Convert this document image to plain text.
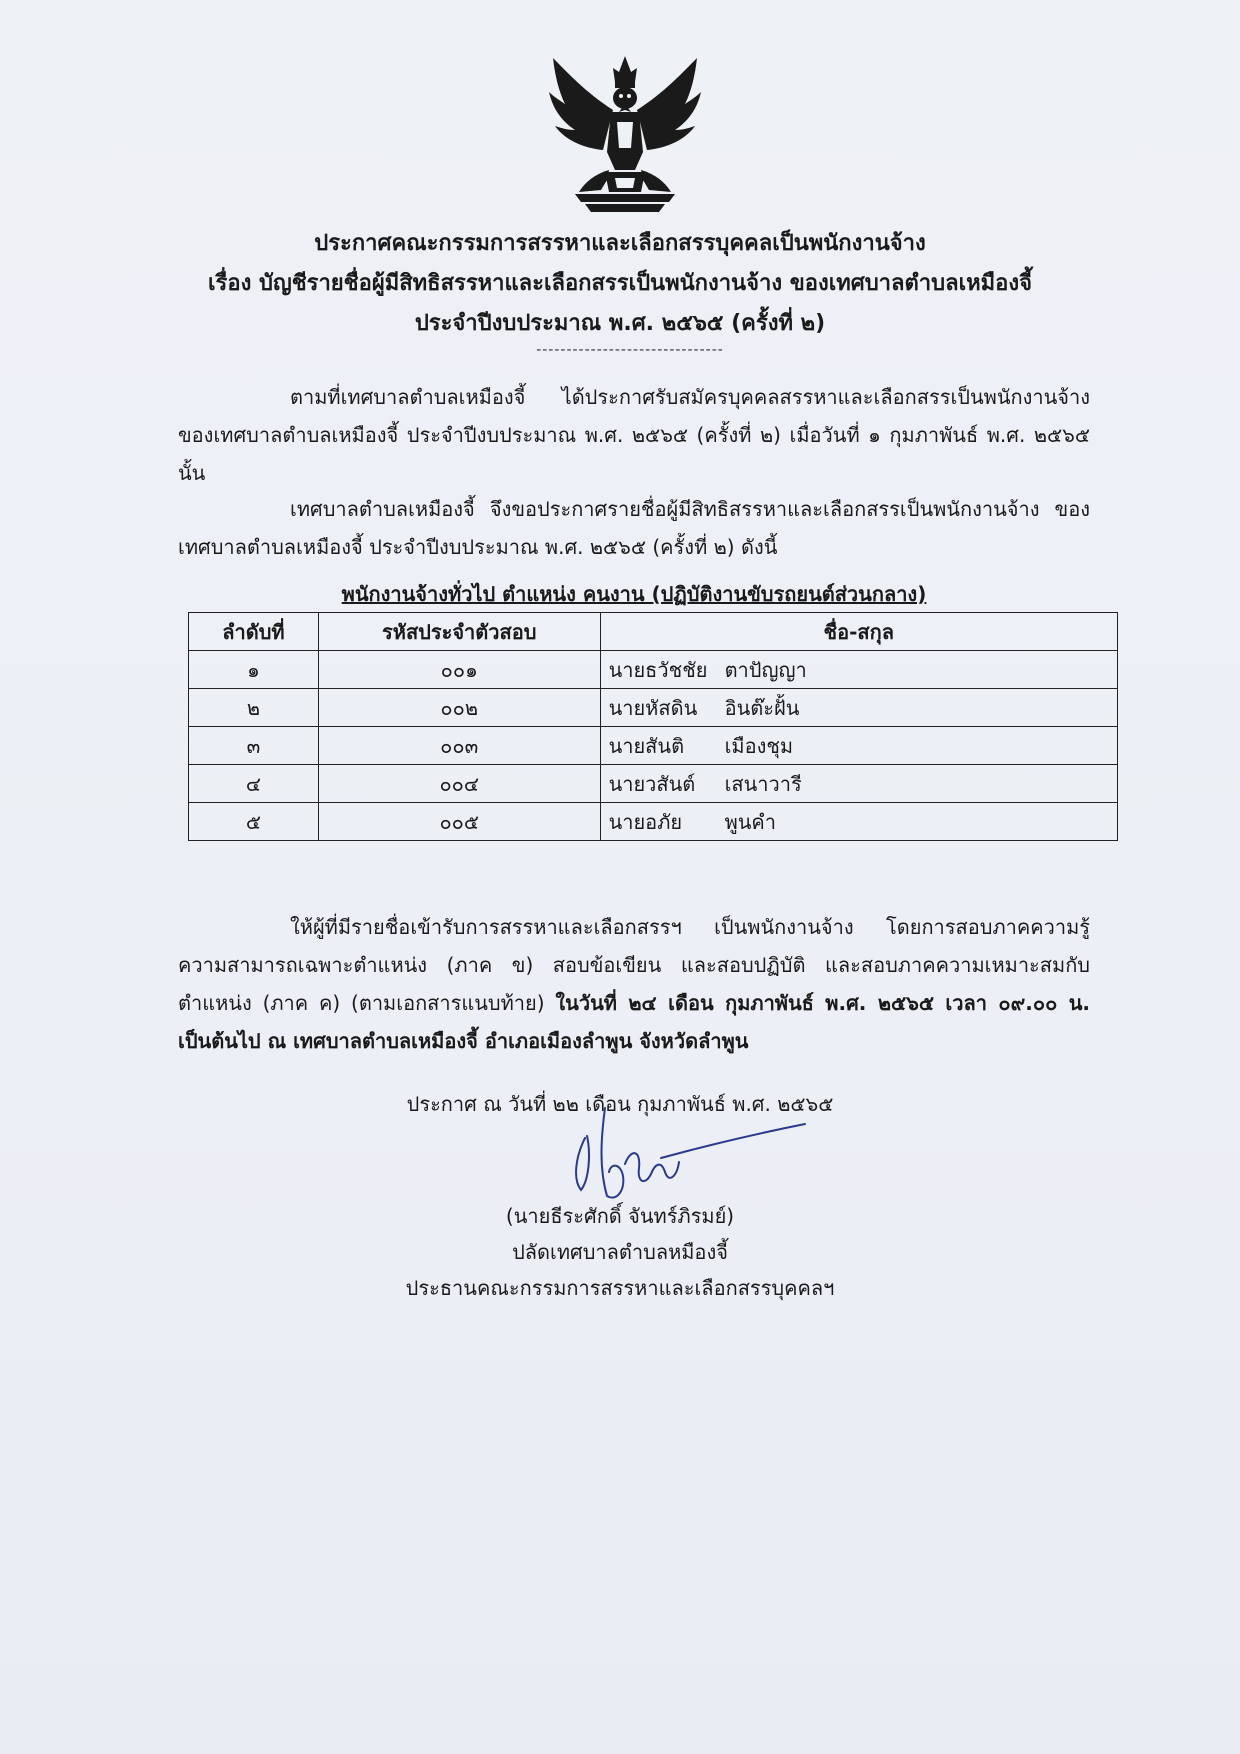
ประกาศคณะกรรมการสรรหาและเลือกสรรบุคคลเป็นพนักงานจ้าง
เรื่อง บัญชีรายชื่อผู้มีสิทธิสรรหาและเลือกสรรเป็นพนักงานจ้าง ของเทศบาลตำบลเหมืองจี้
ประจำปีงบประมาณ พ.ศ. ๒๕๖๕ (ครั้งที่ ๒)
-------------------------------
ตามที่เทศบาลตำบลเหมืองจี้ ได้ประกาศรับสมัครบุคคลสรรหาและเลือกสรรเป็นพนักงานจ้าง ของเทศบาลตำบลเหมืองจี้ ประจำปีงบประมาณ พ.ศ. ๒๕๖๕ (ครั้งที่ ๒) เมื่อวันที่ ๑ กุมภาพันธ์ พ.ศ. ๒๕๖๕ นั้น
เทศบาลตำบลเหมืองจี้ จึงขอประกาศรายชื่อผู้มีสิทธิสรรหาและเลือกสรรเป็นพนักงานจ้าง ของเทศบาลตำบลเหมืองจี้ ประจำปีงบประมาณ พ.ศ. ๒๕๖๕ (ครั้งที่ ๒) ดังนี้
พนักงานจ้างทั่วไป ตำแหน่ง คนงาน (ปฏิบัติงานขับรถยนต์ส่วนกลาง)
ลำดับที่	รหัสประจำตัวสอบ	ชื่อ-สกุล
๑	๐๐๑	นายธวัชชัย ตาปัญญา
๒	๐๐๒	นายหัสดิน อินต๊ะฝั้น
๓	๐๐๓	นายสันติ เมืองชุม
๔	๐๐๔	นายวสันต์ เสนาวารี
๕	๐๐๕	นายอภัย พูนคำ
ให้ผู้ที่มีรายชื่อเข้ารับการสรรหาและเลือกสรรฯ เป็นพนักงานจ้าง โดยการสอบภาคความรู้ ความสามารถเฉพาะตำแหน่ง (ภาค ข) สอบข้อเขียน และสอบปฏิบัติ และสอบภาคความเหมาะสมกับ ตำแหน่ง (ภาค ค) (ตามเอกสารแนบท้าย) ในวันที่ ๒๔ เดือน กุมภาพันธ์ พ.ศ. ๒๕๖๕ เวลา ๐๙.๐๐ น. เป็นต้นไป ณ เทศบาลตำบลเหมืองจี้ อำเภอเมืองลำพูน จังหวัดลำพูน
ประกาศ ณ วันที่ ๒๒ เดือน กุมภาพันธ์ พ.ศ. ๒๕๖๕
(นายธีระศักดิ์ จันทร์ภิรมย์)
ปลัดเทศบาลตำบลหมืองจี้
ประธานคณะกรรมการสรรหาและเลือกสรรบุคคลฯ
